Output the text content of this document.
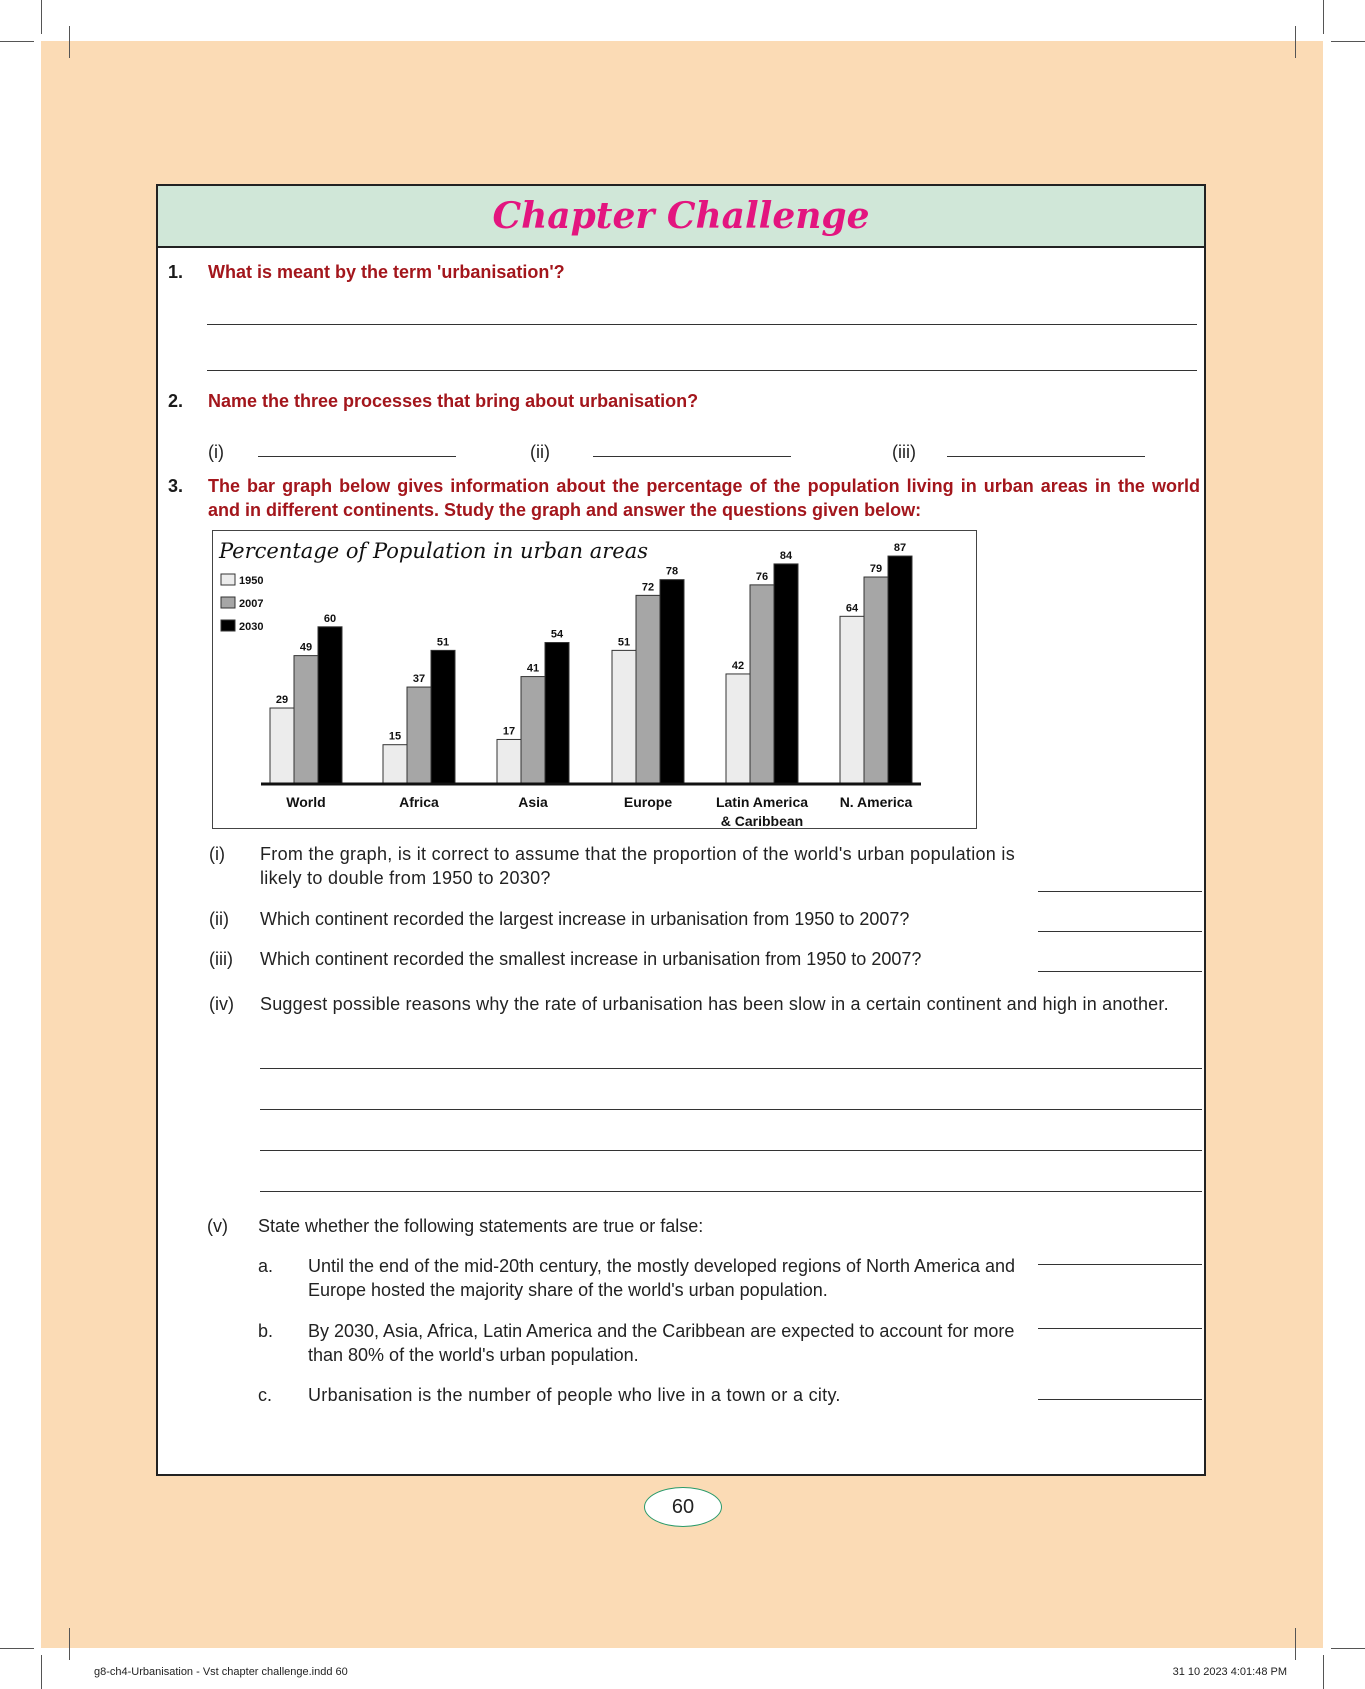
Chapter Challenge
1. What is meant by the term 'urbanisation'?
2. Name the three processes that bring about urbanisation?
(i)	(ii)	(iii)
3. The bar graph below gives information about the percentage of the population living in urban areas in the world and in different continents. Study the graph and answer the questions given below:
Percentage of Population in urban areas
1950
2007
2030
29
49
60
World
15
37
51
Africa
17
41
54
Asia
51
72
78
Europe
42
76
84
Latin America
& Caribbean
64
79
87
N. America
(i) From the graph, is it correct to assume that the proportion of the world's urban population is likely to double from 1950 to 2030?
(ii) Which continent recorded the largest increase in urbanisation from 1950 to 2007?
(iii) Which continent recorded the smallest increase in urbanisation from 1950 to 2007?
(iv) Suggest possible reasons why the rate of urbanisation has been slow in a certain continent and high in another.
(v) State whether the following statements are true or false:
a. Until the end of the mid-20th century, the mostly developed regions of North America and Europe hosted the majority share of the world's urban population.
b. By 2030, Asia, Africa, Latin America and the Caribbean are expected to account for more than 80% of the world's urban population.
c. Urbanisation is the number of people who live in a town or a city.
60
g8-ch4-Urbanisation - Vst chapter challenge.indd 60	31 10 2023 4:01:48 PM
